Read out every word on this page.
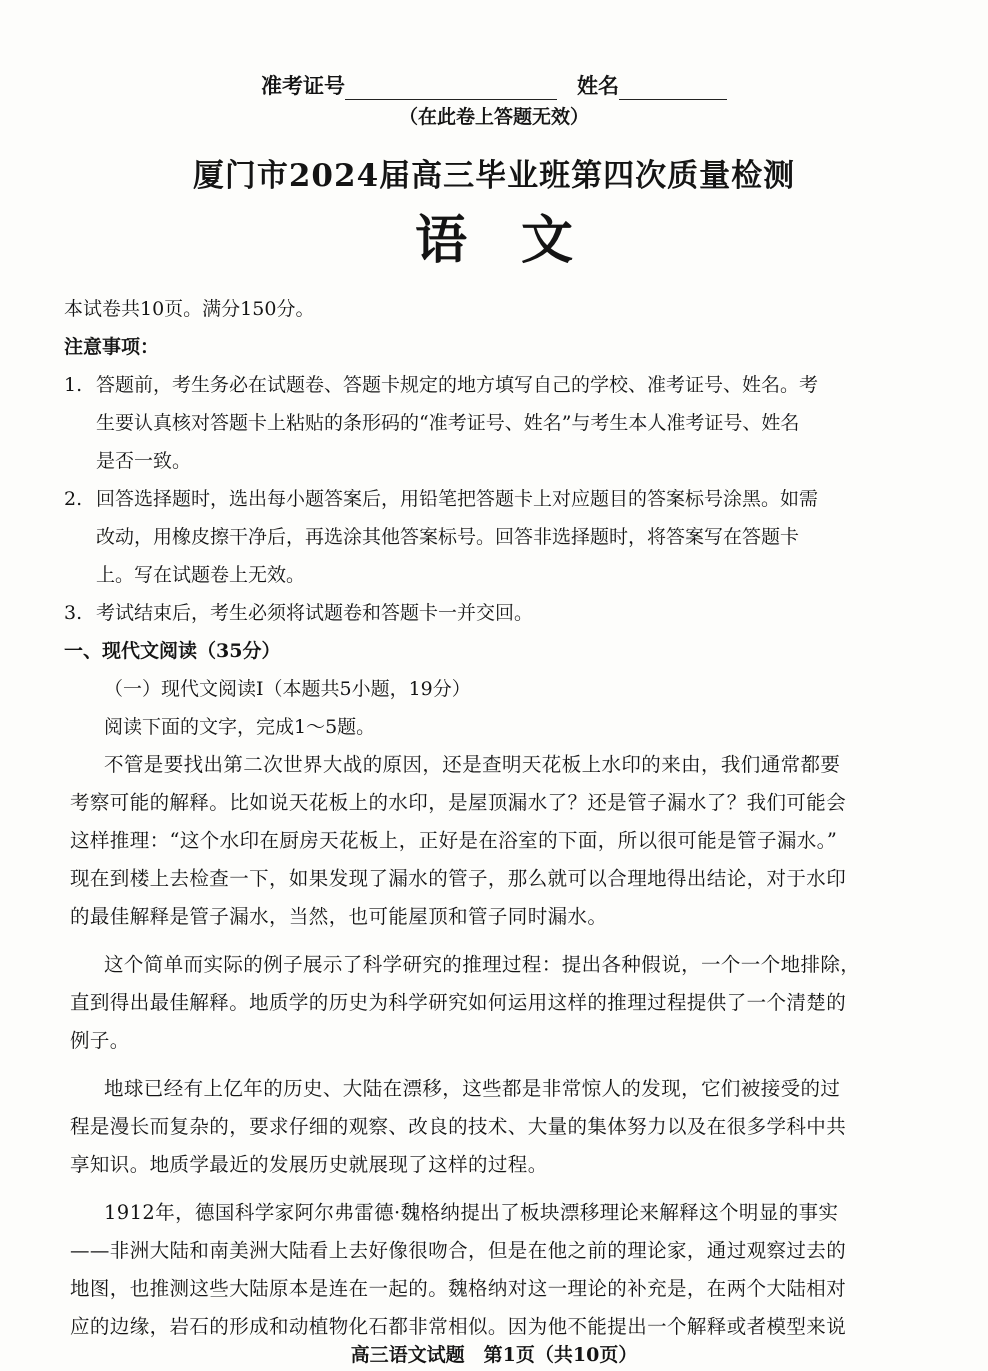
准考证号	姓名
（在此卷上答题无效）
厦门市2024届高三毕业班第四次质量检测
语文
本试卷共10页。满分150分。
注意事项：
1. 答题前，考生务必在试题卷、答题卡规定的地方填写自己的学校、准考证号、姓名。考
生要认真核对答题卡上粘贴的条形码的“准考证号、姓名”与考生本人准考证号、姓名
是否一致。
2. 回答选择题时，选出每小题答案后，用铅笔把答题卡上对应题目的答案标号涂黑。如需
改动，用橡皮擦干净后，再选涂其他答案标号。回答非选择题时，将答案写在答题卡
上。写在试题卷上无效。
3. 考试结束后，考生必须将试题卷和答题卡一并交回。
一、现代文阅读（35分）
（一）现代文阅读Ⅰ（本题共5小题，19分）
阅读下面的文字，完成1～5题。
不管是要找出第二次世界大战的原因，还是查明天花板上水印的来由，我们通常都要
考察可能的解释。比如说天花板上的水印，是屋顶漏水了？还是管子漏水了？我们可能会
这样推理：“这个水印在厨房天花板上，正好是在浴室的下面，所以很可能是管子漏水。”
现在到楼上去检查一下，如果发现了漏水的管子，那么就可以合理地得出结论，对于水印
的最佳解释是管子漏水，当然，也可能屋顶和管子同时漏水。
这个简单而实际的例子展示了科学研究的推理过程：提出各种假说，一个一个地排除，
直到得出最佳解释。地质学的历史为科学研究如何运用这样的推理过程提供了一个清楚的
例子。
地球已经有上亿年的历史、大陆在漂移，这些都是非常惊人的发现，它们被接受的过
程是漫长而复杂的，要求仔细的观察、改良的技术、大量的集体努力以及在很多学科中共
享知识。地质学最近的发展历史就展现了这样的过程。
1912年，德国科学家阿尔弗雷德·魏格纳提出了板块漂移理论来解释这个明显的事实
——非洲大陆和南美洲大陆看上去好像很吻合，但是在他之前的理论家，通过观察过去的
地图，也推测这些大陆原本是连在一起的。魏格纳对这一理论的补充是，在两个大陆相对
应的边缘，岩石的形成和动植物化石都非常相似。因为他不能提出一个解释或者模型来说
高三语文试题　第1页（共10页）
